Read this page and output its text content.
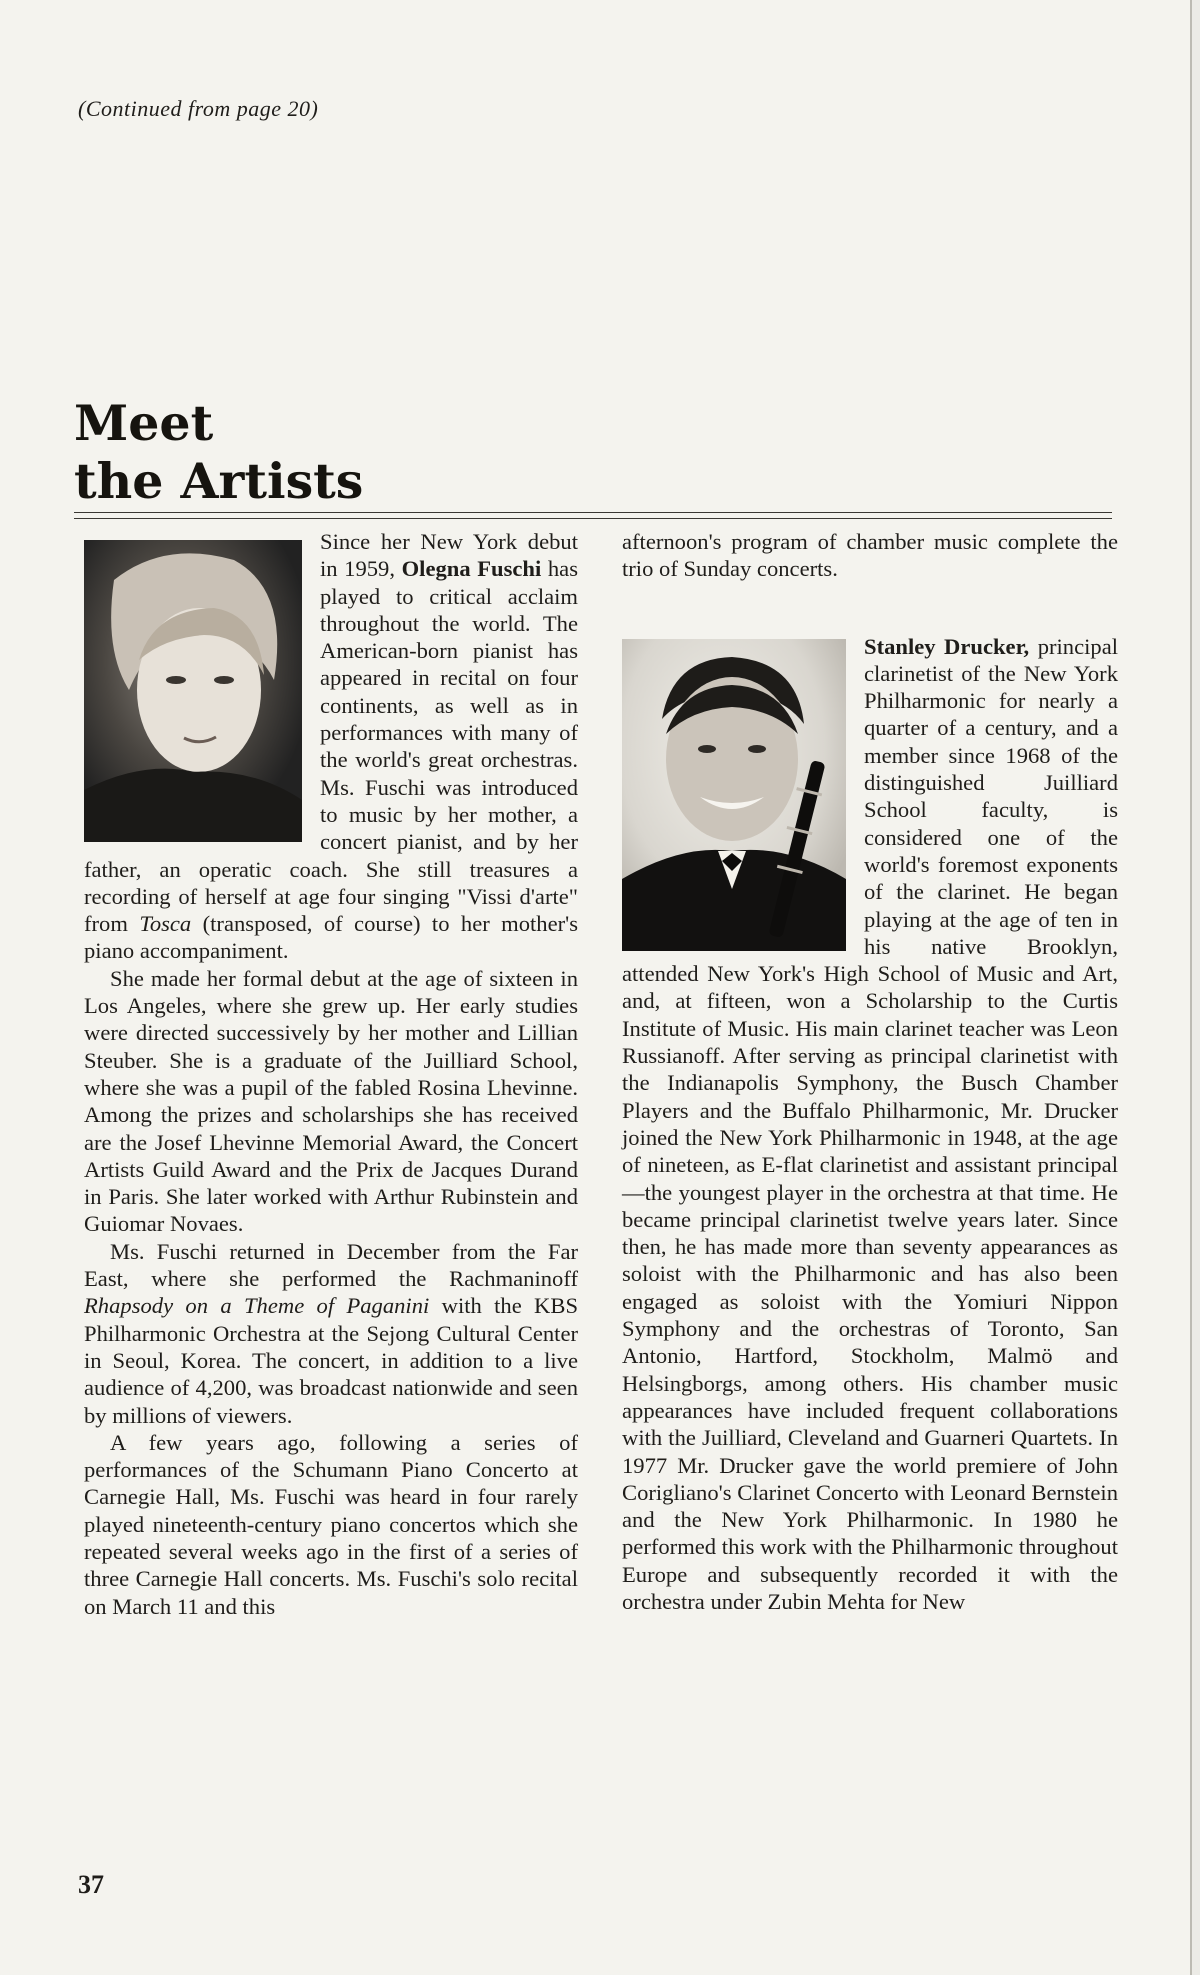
(Continued from page 20)
Meet
the Artists

Since her New York debut in 1959, Olegna Fuschi has played to critical acclaim throughout the world. The American-born pianist has appeared in recital on four continents, as well as in performances with many of the world's great orchestras. Ms. Fuschi was introduced to music by her mother, a concert pianist, and by her father, an operatic coach. She still treasures a recording of herself at age four singing "Vissi d'arte" from Tosca (transposed, of course) to her mother's piano accompaniment.

She made her formal debut at the age of sixteen in Los Angeles, where she grew up. Her early studies were directed successively by her mother and Lillian Steuber. She is a graduate of the Juilliard School, where she was a pupil of the fabled Rosina Lhevinne. Among the prizes and scholarships she has received are the Josef Lhevinne Memorial Award, the Concert Artists Guild Award and the Prix de Jacques Durand in Paris. She later worked with Arthur Rubinstein and Guiomar Novaes.

Ms. Fuschi returned in December from the Far East, where she performed the Rachmaninoff Rhapsody on a Theme of Paganini with the KBS Philharmonic Orchestra at the Sejong Cultural Center in Seoul, Korea. The concert, in addition to a live audience of 4,200, was broadcast nationwide and seen by millions of viewers.

A few years ago, following a series of performances of the Schumann Piano Concerto at Carnegie Hall, Ms. Fuschi was heard in four rarely played nineteenth-century piano concertos which she repeated several weeks ago in the first of a series of three Carnegie Hall concerts. Ms. Fuschi's solo recital on March 11 and this

afternoon's program of chamber music complete the trio of Sunday concerts.

Stanley Drucker, principal clarinetist of the New York Philharmonic for nearly a quarter of a century, and a member since 1968 of the distinguished Juilliard School faculty, is considered one of the world's foremost exponents of the clarinet. He began playing at the age of ten in his native Brooklyn, attended New York's High School of Music and Art, and, at fifteen, won a Scholarship to the Curtis Institute of Music. His main clarinet teacher was Leon Russianoff. After serving as principal clarinetist with the Indianapolis Symphony, the Busch Chamber Players and the Buffalo Philharmonic, Mr. Drucker joined the New York Philharmonic in 1948, at the age of nineteen, as E-flat clarinetist and assistant principal—the youngest player in the orchestra at that time. He became principal clarinetist twelve years later. Since then, he has made more than seventy appearances as soloist with the Philharmonic and has also been engaged as soloist with the Yomiuri Nippon Symphony and the orchestras of Toronto, San Antonio, Hartford, Stockholm, Malmö and Helsingborgs, among others. His chamber music appearances have included frequent collaborations with the Juilliard, Cleveland and Guarneri Quartets. In 1977 Mr. Drucker gave the world premiere of John Corigliano's Clarinet Concerto with Leonard Bernstein and the New York Philharmonic. In 1980 he performed this work with the Philharmonic throughout Europe and subsequently recorded it with the orchestra under Zubin Mehta for New

37
